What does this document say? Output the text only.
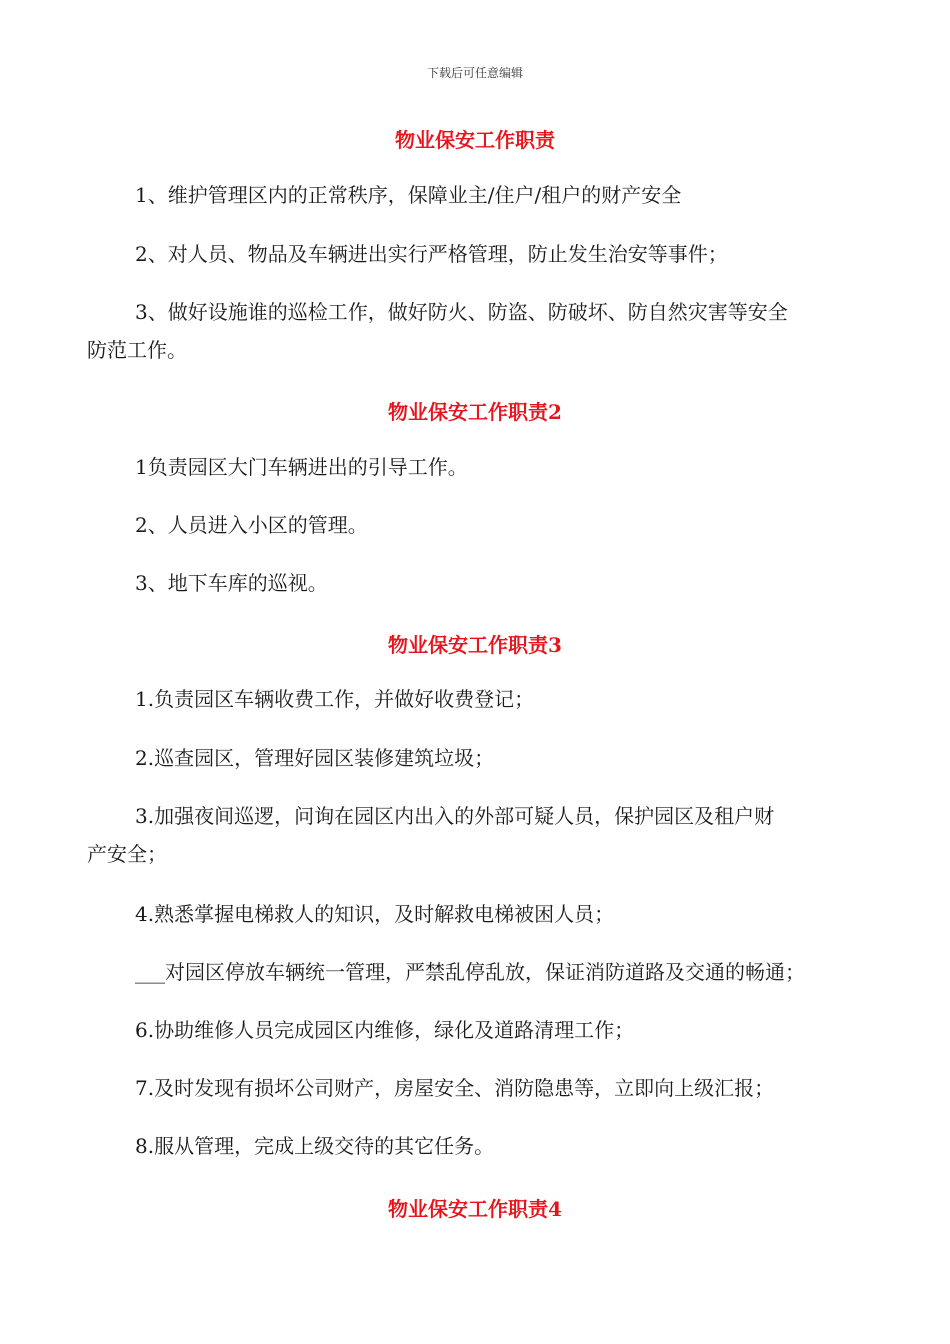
下载后可任意编辑
物业保安工作职责
1、维护管理区内的正常秩序，保障业主/住户/租户的财产安全
2、对人员、物品及车辆进出实行严格管理，防止发生治安等事件；
3、做好设施谁的巡检工作，做好防火、防盗、防破坏、防自然灾害等安全
防范工作。
物业保安工作职责2
1负责园区大门车辆进出的引导工作。
2、人员进入小区的管理。
3、地下车库的巡视。
物业保安工作职责3
1.负责园区车辆收费工作，并做好收费登记；
2.巡查园区，管理好园区装修建筑垃圾；
3.加强夜间巡逻，问询在园区内出入的外部可疑人员，保护园区及租户财
产安全；
4.熟悉掌握电梯救人的知识，及时解救电梯被困人员；
___对园区停放车辆统一管理，严禁乱停乱放，保证消防道路及交通的畅通；
6.协助维修人员完成园区内维修，绿化及道路清理工作；
7.及时发现有损坏公司财产，房屋安全、消防隐患等，立即向上级汇报；
8.服从管理，完成上级交待的其它任务。
物业保安工作职责4
